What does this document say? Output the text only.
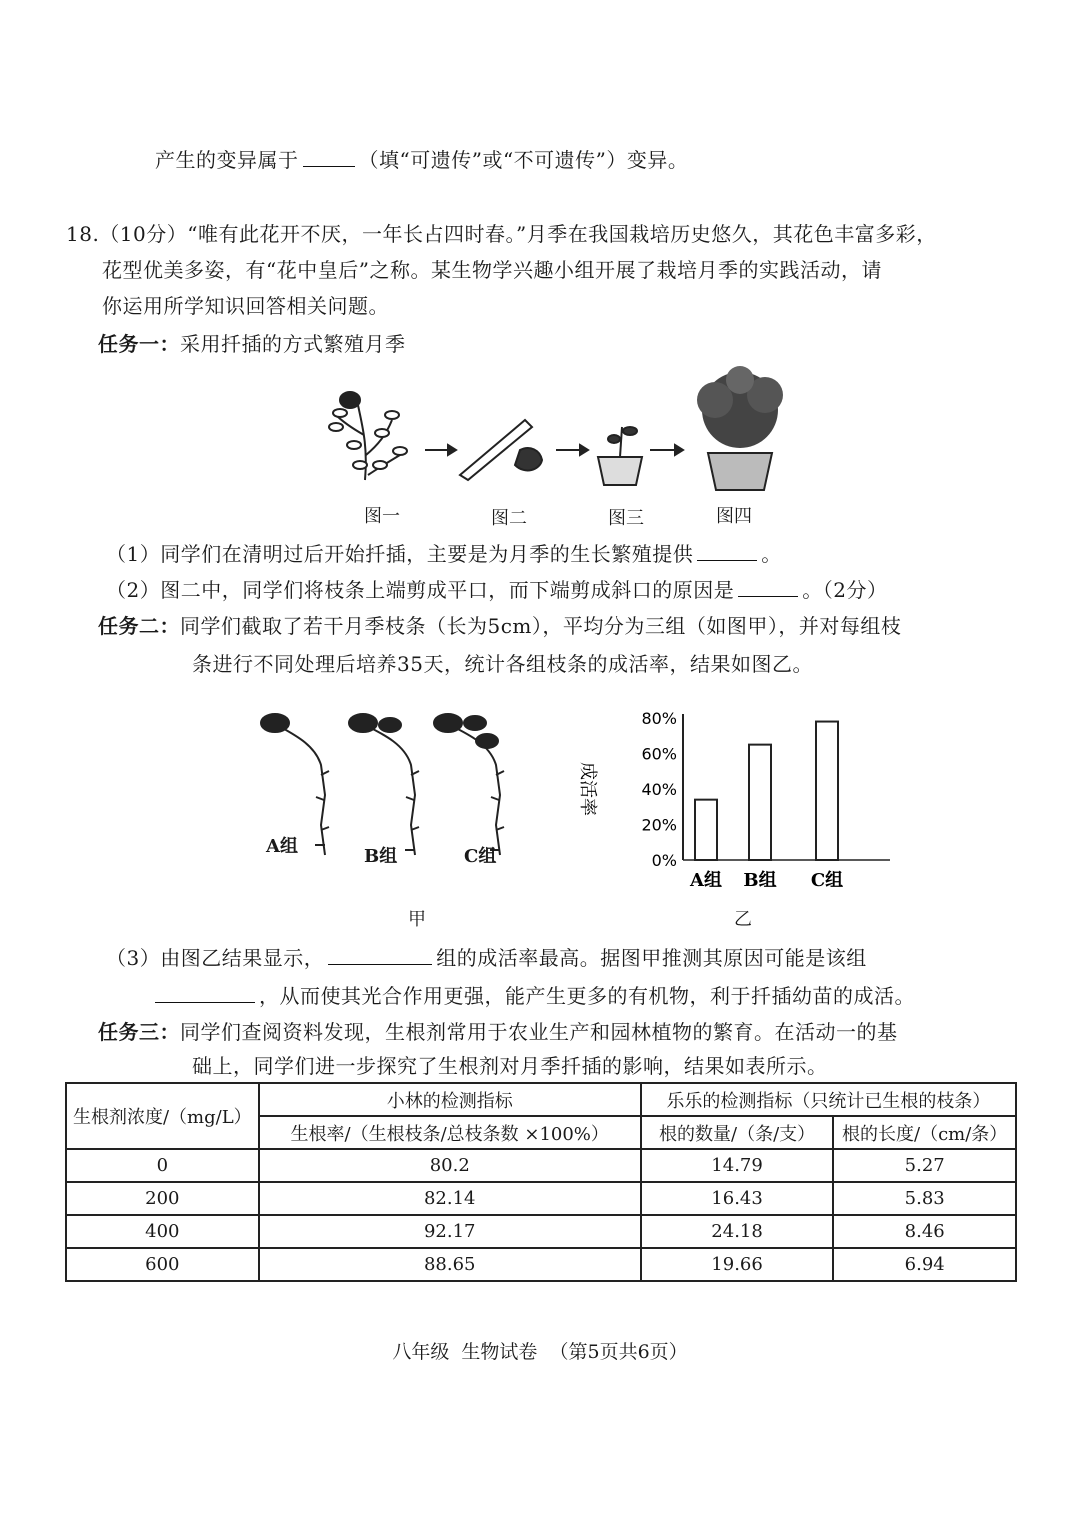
产生的变异属于	（填“可遗传”或“不可遗传”）变异。
18.（10分）“唯有此花开不厌，一年长占四时春。”月季在我国栽培历史悠久，其花色丰富多彩，
花型优美多姿，有“花中皇后”之称。某生物学兴趣小组开展了栽培月季的实践活动，请
你运用所学知识回答相关问题。
任务一：采用扦插的方式繁殖月季
图一	图二	图三	图四
（1）同学们在清明过后开始扦插，主要是为月季的生长繁殖提供	。
（2）图二中，同学们将枝条上端剪成平口，而下端剪成斜口的原因是	。（2分）
任务二：同学们截取了若干月季枝条（长为5cm），平均分为三组（如图甲），并对每组枝
条进行不同处理后培养35天，统计各组枝条的成活率，结果如图乙。
A组	B组	C组
甲
0%
20%
40%
60%
80%
A组 B组 C组
成活率
乙
（3）由图乙结果显示，	组的成活率最高。据图甲推测其原因可能是该组
，从而使其光合作用更强，能产生更多的有机物，利于扦插幼苗的成活。
任务三：同学们查阅资料发现，生根剂常用于农业生产和园林植物的繁育。在活动一的基
础上，同学们进一步探究了生根剂对月季扦插的影响，结果如表所示。
生根剂浓度/（mg/L）	小林的检测指标	乐乐的检测指标（只统计已生根的枝条）	
	生根率/（生根枝条/总枝条数 ×100%）	根的数量/（条/支）	根的长度/（cm/条）
0	80.2	14.79	5.27
200	82.14	16.43	5.83
400	92.17	24.18	8.46
600	88.65	19.66	6.94
八年级  生物试卷  （第5页共6页）
